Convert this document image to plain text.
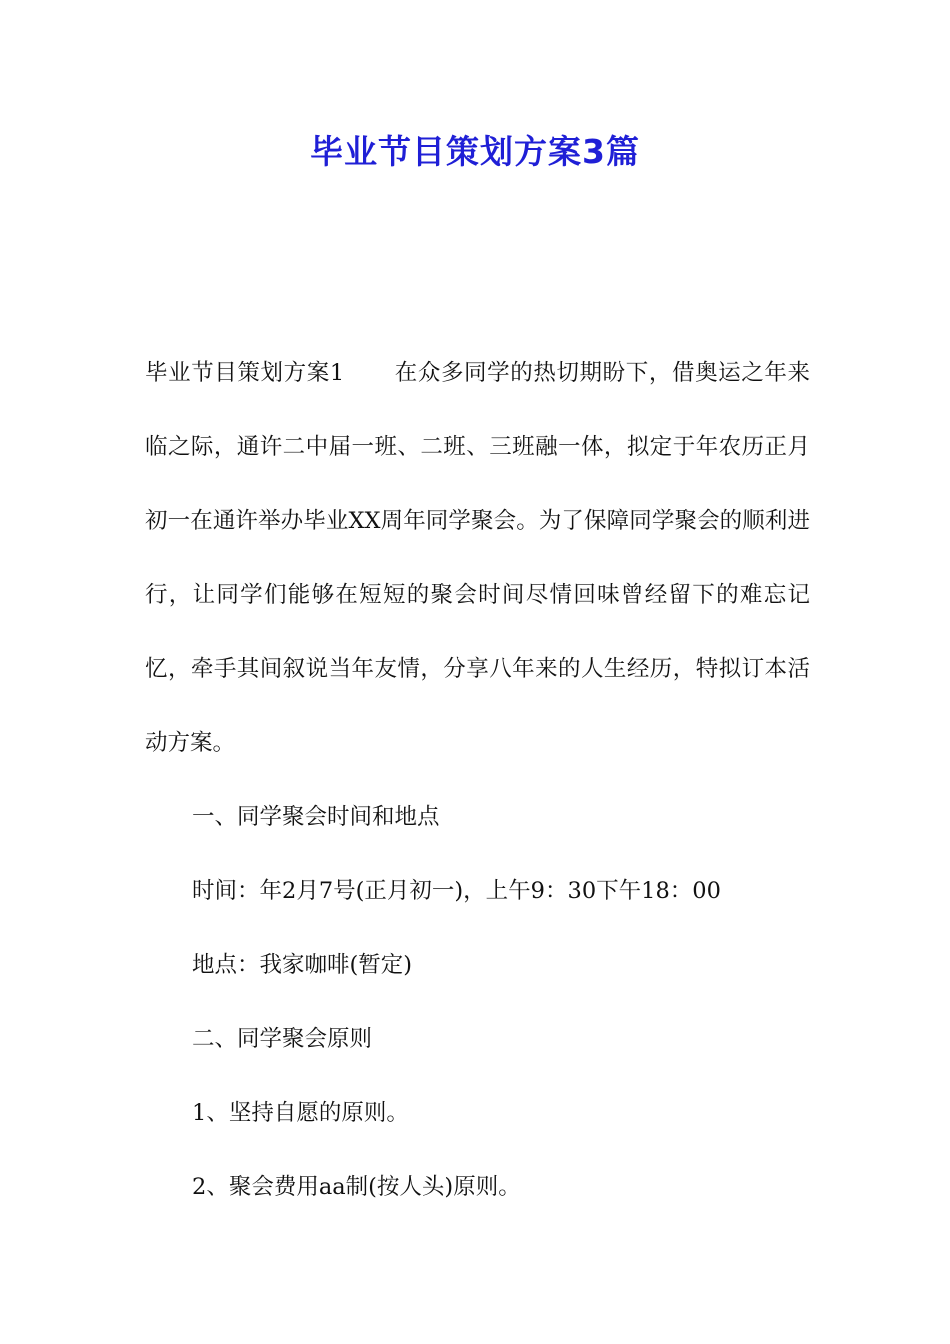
毕业节目策划方案3篇

毕业节目策划方案1 在众多同学的热切期盼下，借奥运之年来临之际，通许二中届一班、二班、三班融一体，拟定于年农历正月初一在通许举办毕业XX周年同学聚会。为了保障同学聚会的顺利进行，让同学们能够在短短的聚会时间尽情回味曾经留下的难忘记忆，牵手其间叙说当年友情，分享八年来的人生经历，特拟订本活动方案。

一、同学聚会时间和地点

时间：年2月7号(正月初一)，上午9：30下午18：00

地点：我家咖啡(暂定)

二、同学聚会原则

1、坚持自愿的原则。

2、聚会费用aa制(按人头)原则。
